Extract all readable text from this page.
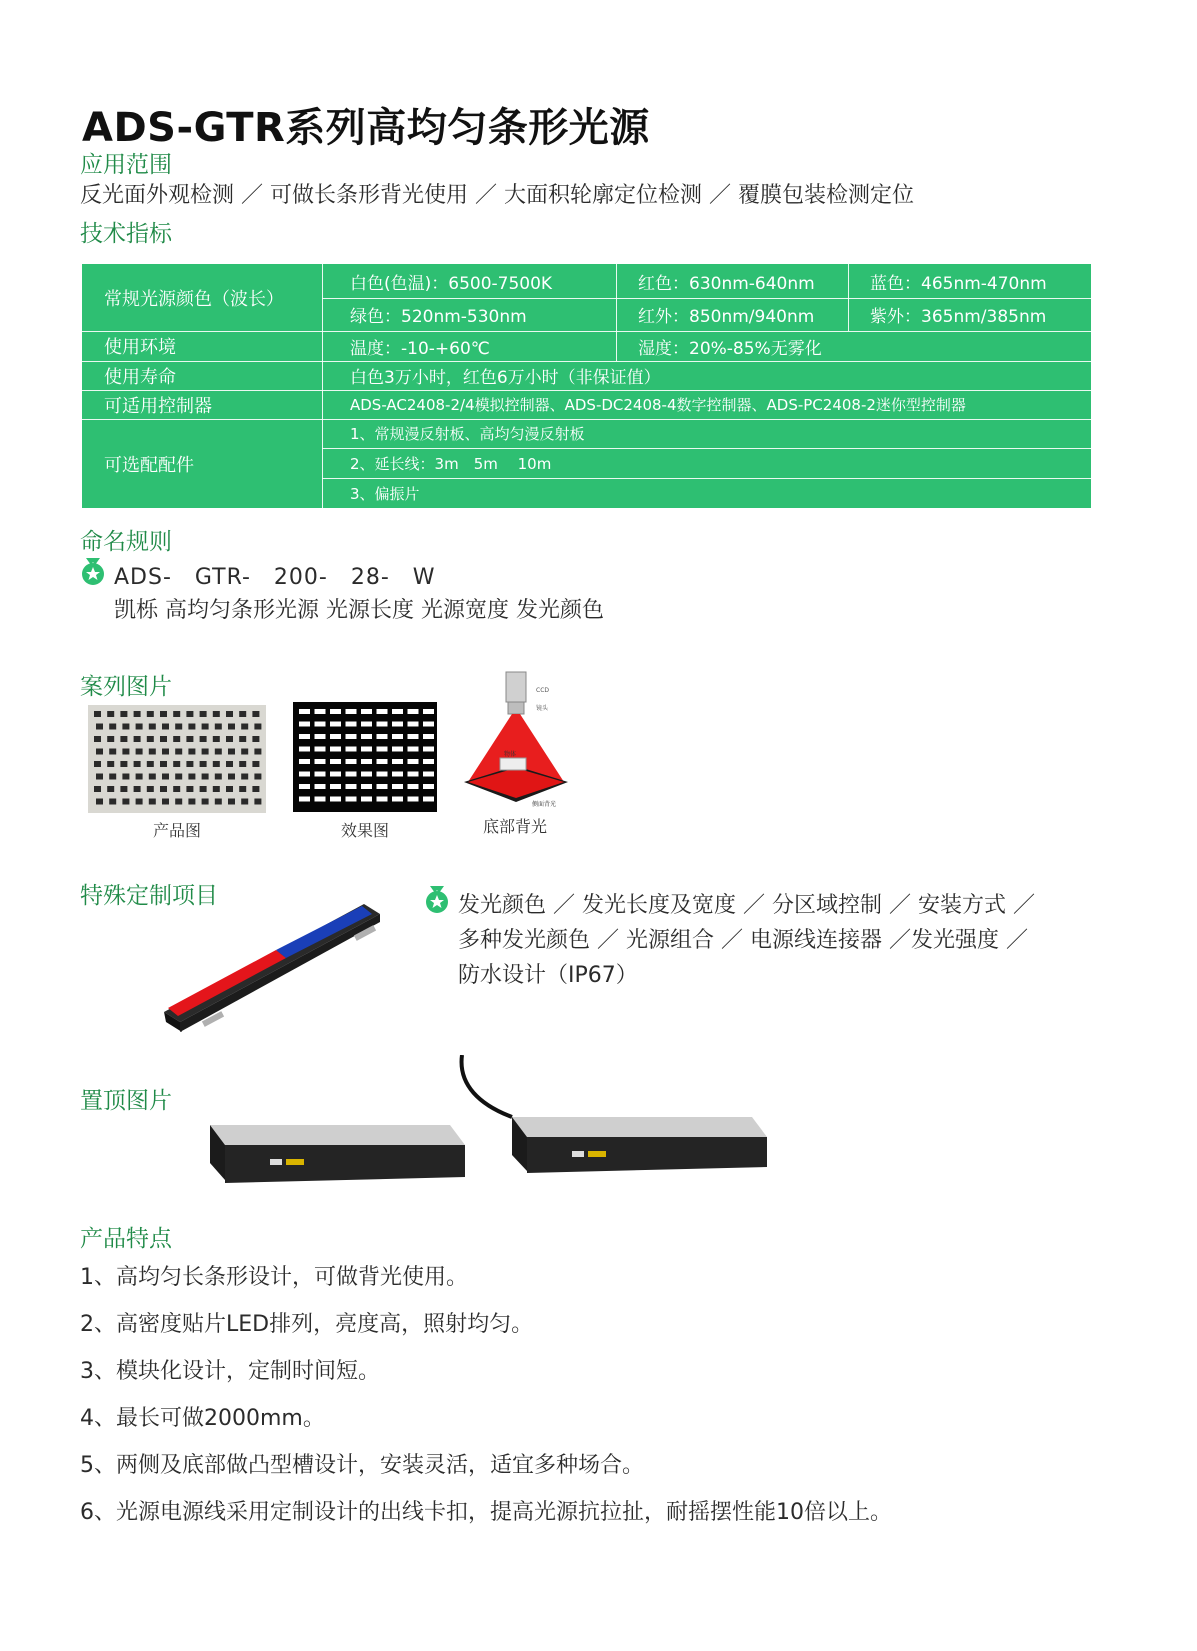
ADS-GTR系列高均匀条形光源
应用范围
反光面外观检测 ／ 可做长条形背光使用 ／ 大面积轮廓定位检测 ／ 覆膜包装检测定位
技术指标
常规光源颜色（波长）
白色(色温)：6500-7500K	红色：630nm-640nm	蓝色：465nm-470nm
绿色：520nm-530nm	红外：850nm/940nm	紫外：365nm/385nm
使用环境	温度：-10-+60℃	湿度：20%-85%无雾化
使用寿命	白色3万小时，红色6万小时（非保证值）
可适用控制器	ADS-AC2408-2/4模拟控制器、ADS-DC2408-4数字控制器、ADS-PC2408-2迷你型控制器
可选配配件
1、常规漫反射板、高均匀漫反射板
2、延长线：3m　5m　 10m
3、偏振片
命名规则
ADS-　GTR-　200-　28-　W
凯栎 高均匀条形光源 光源长度 光源宽度 发光颜色
案列图片
产品图	效果图
CCD
镜头
物体
侧面背光
底部背光
特殊定制项目	发光颜色 ／ 发光长度及宽度 ／ 分区域控制 ／ 安装方式 ／
多种发光颜色 ／ 光源组合 ／ 电源线连接器 ／发光强度 ／
防水设计（IP67）
置顶图片
产品特点
1、高均匀长条形设计，可做背光使用。
2、高密度贴片LED排列，亮度高，照射均匀。
3、模块化设计，定制时间短。
4、最长可做2000mm。
5、两侧及底部做凸型槽设计，安装灵活，适宜多种场合。
6、光源电源线采用定制设计的出线卡扣，提高光源抗拉扯，耐摇摆性能10倍以上。
